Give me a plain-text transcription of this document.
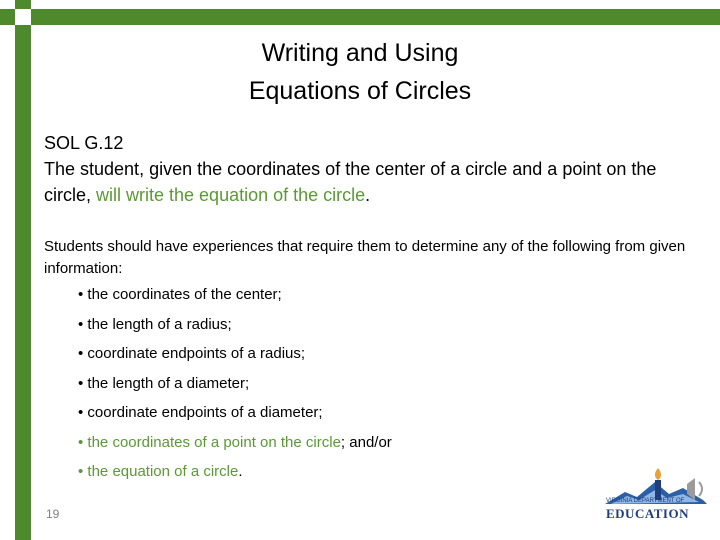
Writing and Using
Equations of Circles
SOL G.12
The student, given the coordinates of the center of a circle and a point on the circle, will write the equation of the circle.
Students should have experiences that require them to determine any of the following from given information:
• the coordinates of the center;
• the length of a radius;
• coordinate endpoints of a radius;
• the length of a diameter;
• coordinate endpoints of a diameter;
• the coordinates of a point on the circle; and/or
• the equation of a circle.
19
VIRGINIA DEPARTMENT OF
EDUCATION
